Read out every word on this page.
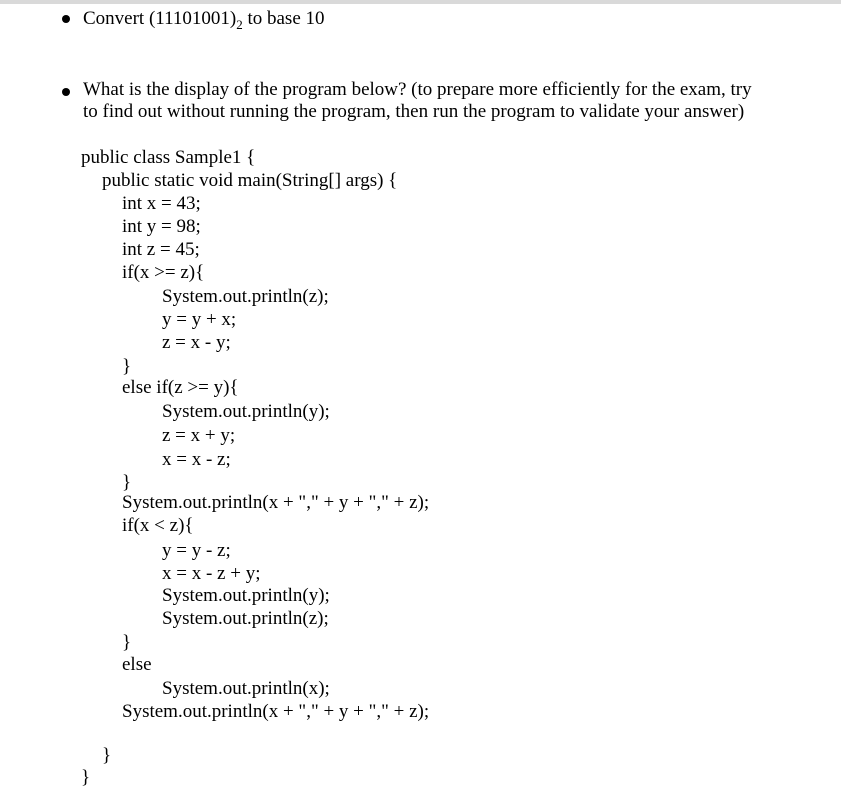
Convert $(11101001)_2$ to base 10
What is the display of the program below? (to prepare more efficiently for the exam, try
to find out without running the program, then run the program to validate your answer)
public class Sample1 {
public static void main(String[] args) {
int x = 43;
int y = 98;
int z = 45;
if(x >= z){
System.out.println(z);
y = y + x;
z = x - y;
}
else if(z >= y){
System.out.println(y);
z = x + y;
x = x - z;
}
System.out.println(x + "," + y + "," + z);
if(x < z){
y = y - z;
x = x - z + y;
System.out.println(y);
System.out.println(z);
}
else
System.out.println(x);
System.out.println(x + "," + y + "," + z);
}
}
